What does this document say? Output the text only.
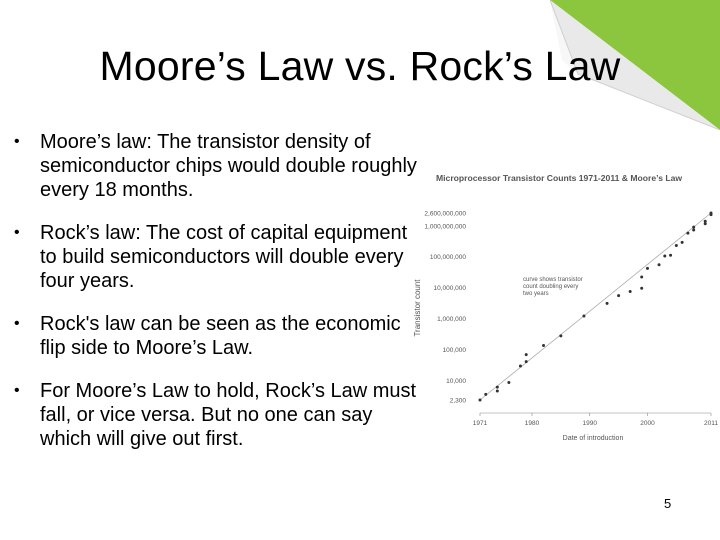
Moore’s Law vs. Rock’s Law
• Moore’s law: The transistor density of semiconductor chips would double roughly every 18 months.
• Rock’s law: The cost of capital equipment to build semiconductors will double every four years.
• Rock's law can be seen as the economic flip side to Moore’s Law.
• For Moore’s Law to hold, Rock’s Law must fall, or vice versa. But no one can say which will give out first.
Microprocessor Transistor Counts 1971-2011 & Moore’s Law
Transistor count
Date of introduction
2,600,000,000
1,000,000,000
100,000,000
10,000,000
1,000,000
100,000
10,000
2,300
1971	1980	1990	2000	2011
curve shows transistor count doubling every two years
5
